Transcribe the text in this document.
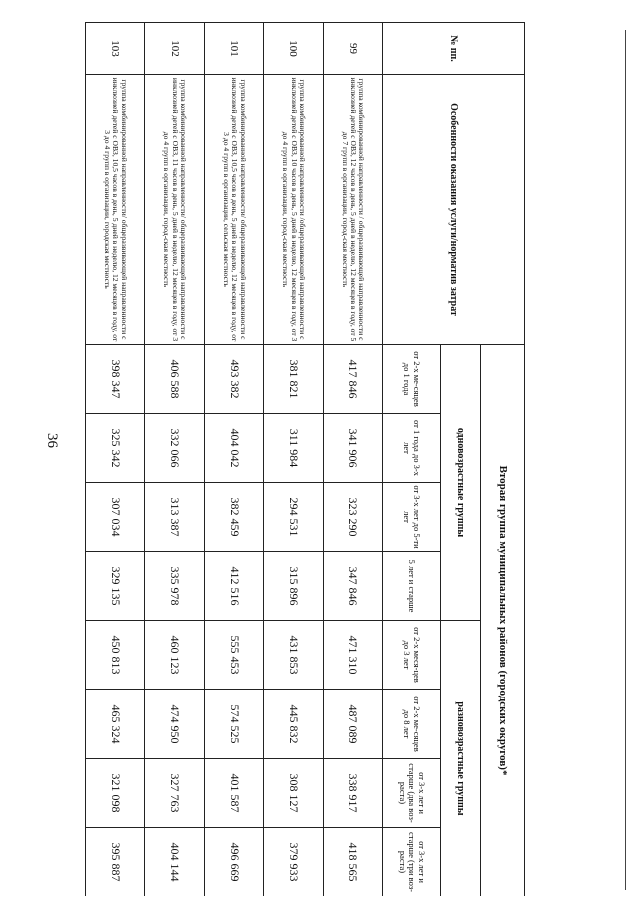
36
№ пп.	Особенности оказания услуги/норматив затрат	Вторая группа муниципальных районов (городских округов)*							
		одновозрастные группы				разновозрастные группы			
		от 2-х ме-сяцев до 1 года	от 1 года до 3-х лет	от 3-х лет до 5-ти лет	5 лет и старше	от 2-х меся-цев до 3 лет	от 2-х ме-сяцев до 8 лет	от 3-х лет и старше (два воз-раста)	от 3-х лет и старше (три воз-раста)
99	группа комбинированной направленности / общеразвивающей направленности с инклюзией детей с ОВЗ, 12 часов в день, 5 дней в неделю, 12 месяцев в году, от 5 до 7 групп в организации, город-ская местность	417 846	341 906	323 290	347 846	471 310	487 089	338 917	418 565
100	группа комбинированной направленности /общеразвивающей направленности с инклюзией детей с ОВЗ, 10 часов в день, 5 дней в неделю, 12 месяцев в году, от 3 до 4 групп в организации, город-ская местность	381 821	311 984	294 531	315 896	431 853	445 832	308 127	379 933
101	группа комбинированной направленности/ общеразвивающей направленности с инклюзией детей с ОВЗ, 10,5 часов в день, 5 дней в неделю, 12 месяцев в году, от 3 до 4 групп в организации, сельская местность	493 382	404 042	382 459	412 516	555 453	574 525	401 587	496 669
102	группа комбинированной направленности/ общеразвивающей направленности с инклюзией детей с ОВЗ, 11 часов в день, 5 дней в неделю, 12 месяцев в году, от 3 до 4 групп в организации, город-ская местность	406 588	332 066	313 387	335 978	460 123	474 950	327 763	404 144
103	группа комбинированной направленности/ общеразвивающей направленности с инклюзией детей с ОВЗ, 10,5 часов в день, 5 дней в неделю, 12 месяцев в году, от 3 до 4 групп в организации, городская местность	398 347	325 342	307 034	329 135	450 813	465 324	321 098	395 887
